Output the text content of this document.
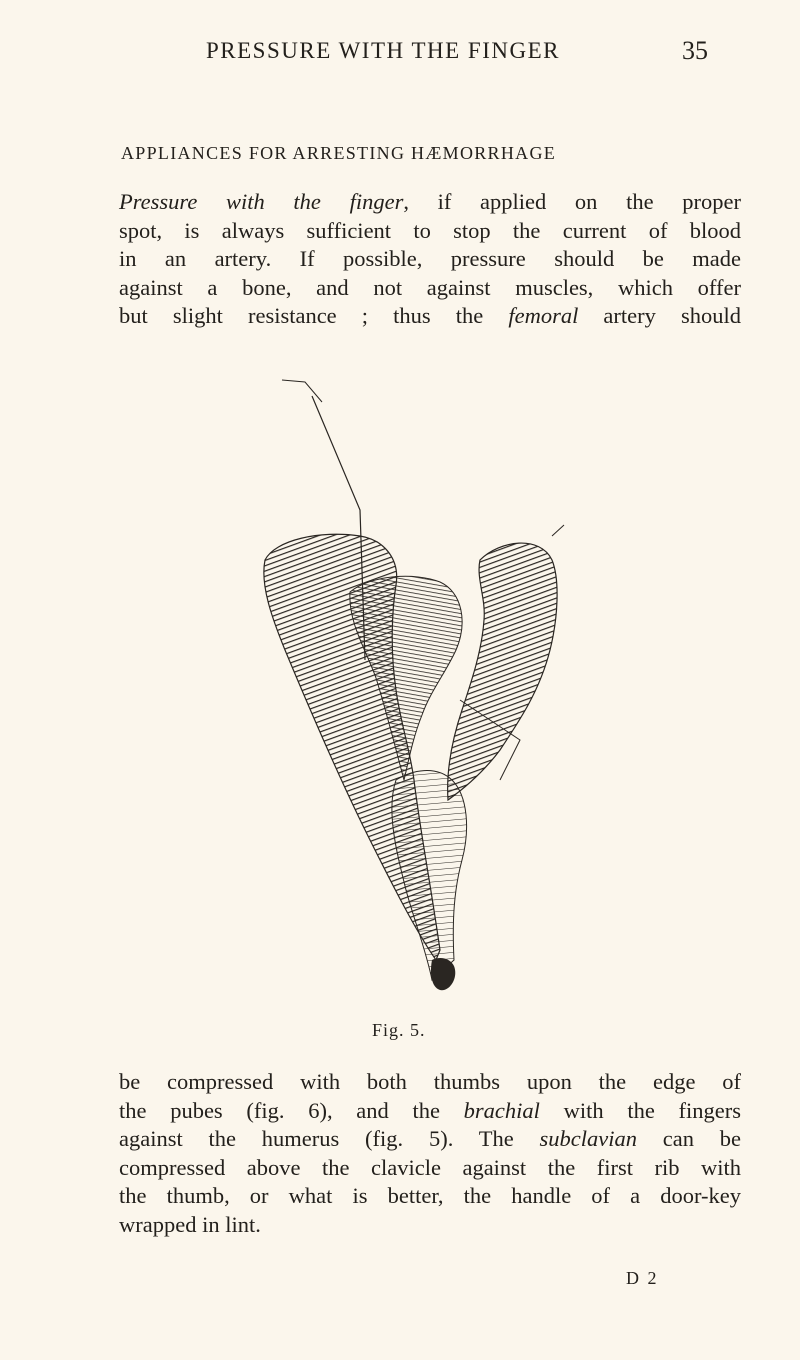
PRESSURE WITH THE FINGER	35
APPLIANCES FOR ARRESTING HÆMORRHAGE

Pressure with the finger, if applied on the proper
spot, is always sufficient to stop the current of blood
in an artery. If possible, pressure should be made
against a bone, and not against muscles, which offer
but slight resistance ; thus the femoral artery should

Fig. 5.

be compressed with both thumbs upon the edge of
the pubes (fig. 6), and the brachial with the fingers
against the humerus (fig. 5). The subclavian can be
compressed above the clavicle against the first rib with
the thumb, or what is better, the handle of a door-key
wrapped in lint.

D 2
